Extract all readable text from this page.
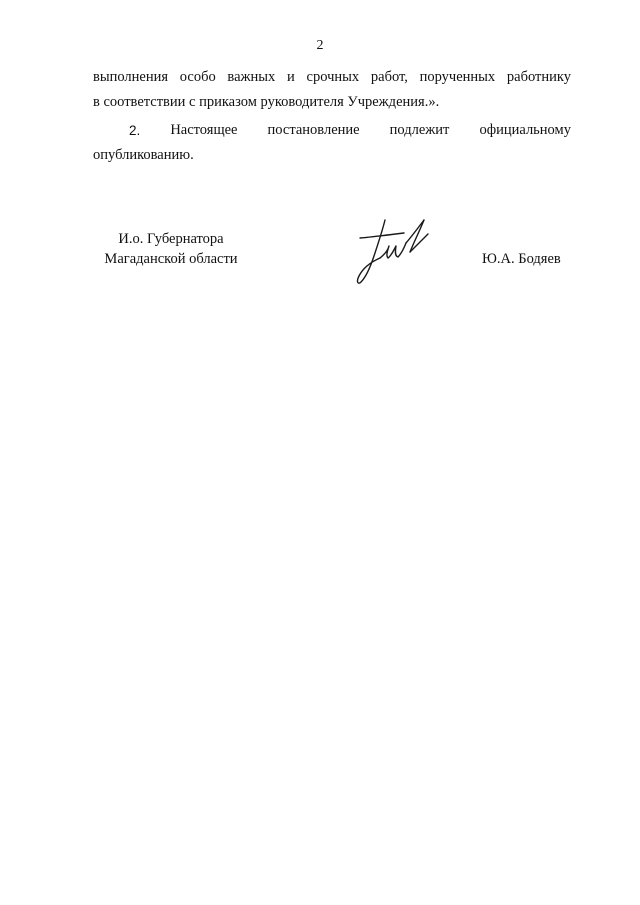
2
выполнения особо важных и срочных работ, порученных работнику
в соответствии с приказом руководителя Учреждения.».
2. Настоящее постановление подлежит официальному
опубликованию.
И.о. Губернатора
Магаданской области	Ю.А. Бодяев
